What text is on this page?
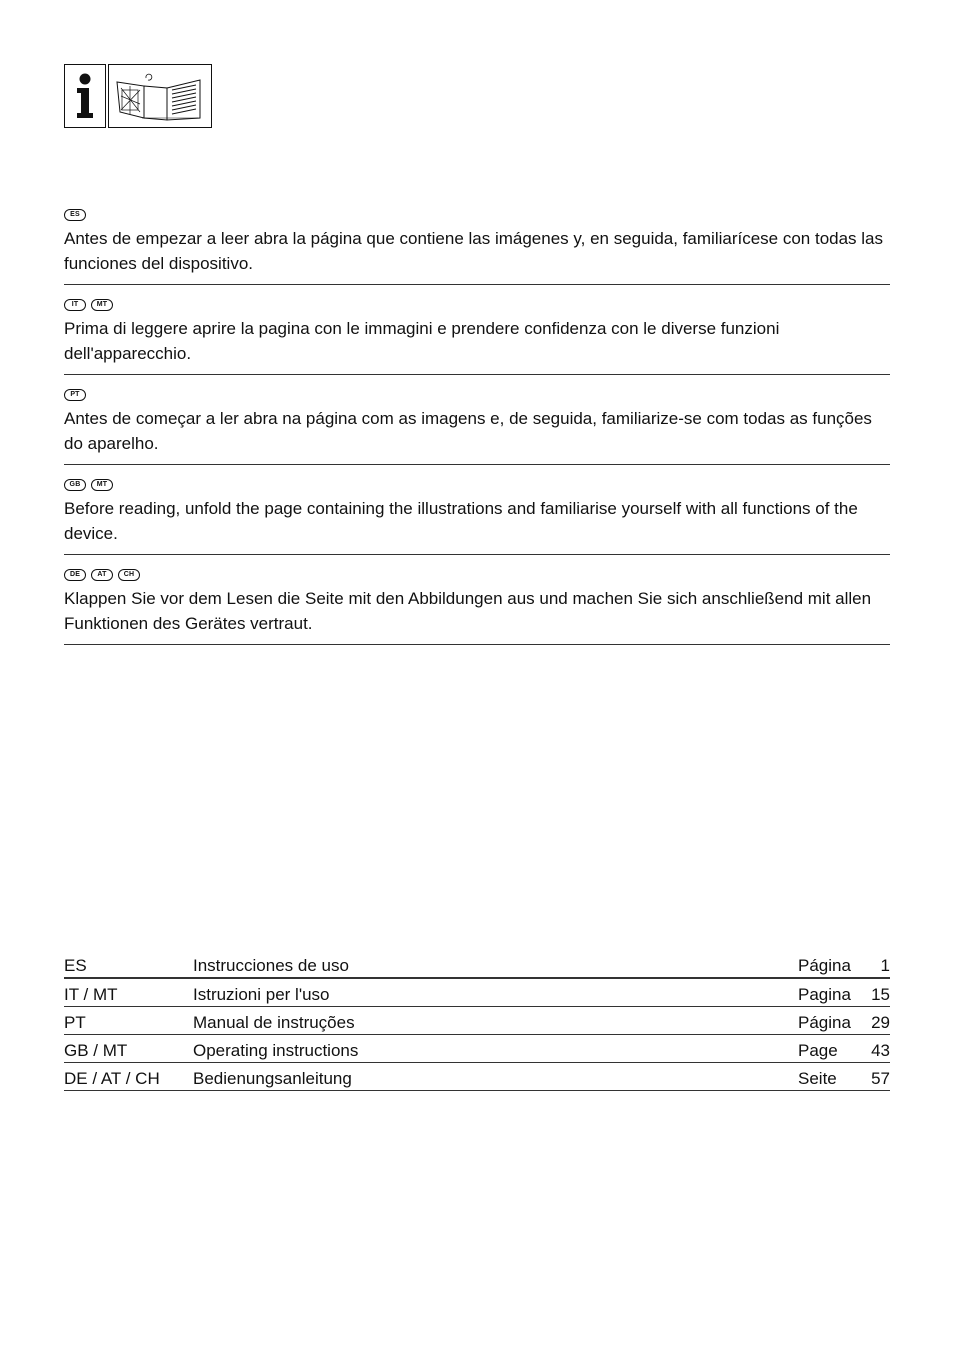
ES

Antes de empezar a leer abra la página que contiene las imágenes y, en seguida, familiarícese con todas las funciones del dispositivo.

IT	MT

Prima di leggere aprire la pagina con le immagini e prendere confidenza con le diverse funzioni dell'apparecchio.

PT

Antes de começar a ler abra na página com as imagens e, de seguida, familiarize-se com todas as funções do aparelho.

GB	MT

Before reading, unfold the page containing the illustrations and familiarise yourself with all functions of the device.

DE	AT	CH

Klappen Sie vor dem Lesen die Seite mit den Abbildungen aus und machen Sie sich anschließend mit allen Funktionen des Gerätes vertraut.

ES	Instrucciones de uso	Página	1
IT / MT	Istruzioni per l'uso	Pagina	15
PT	Manual de instruções	Página	29
GB / MT	Operating instructions	Page	43
DE / AT / CH	Bedienungsanleitung	Seite	57
